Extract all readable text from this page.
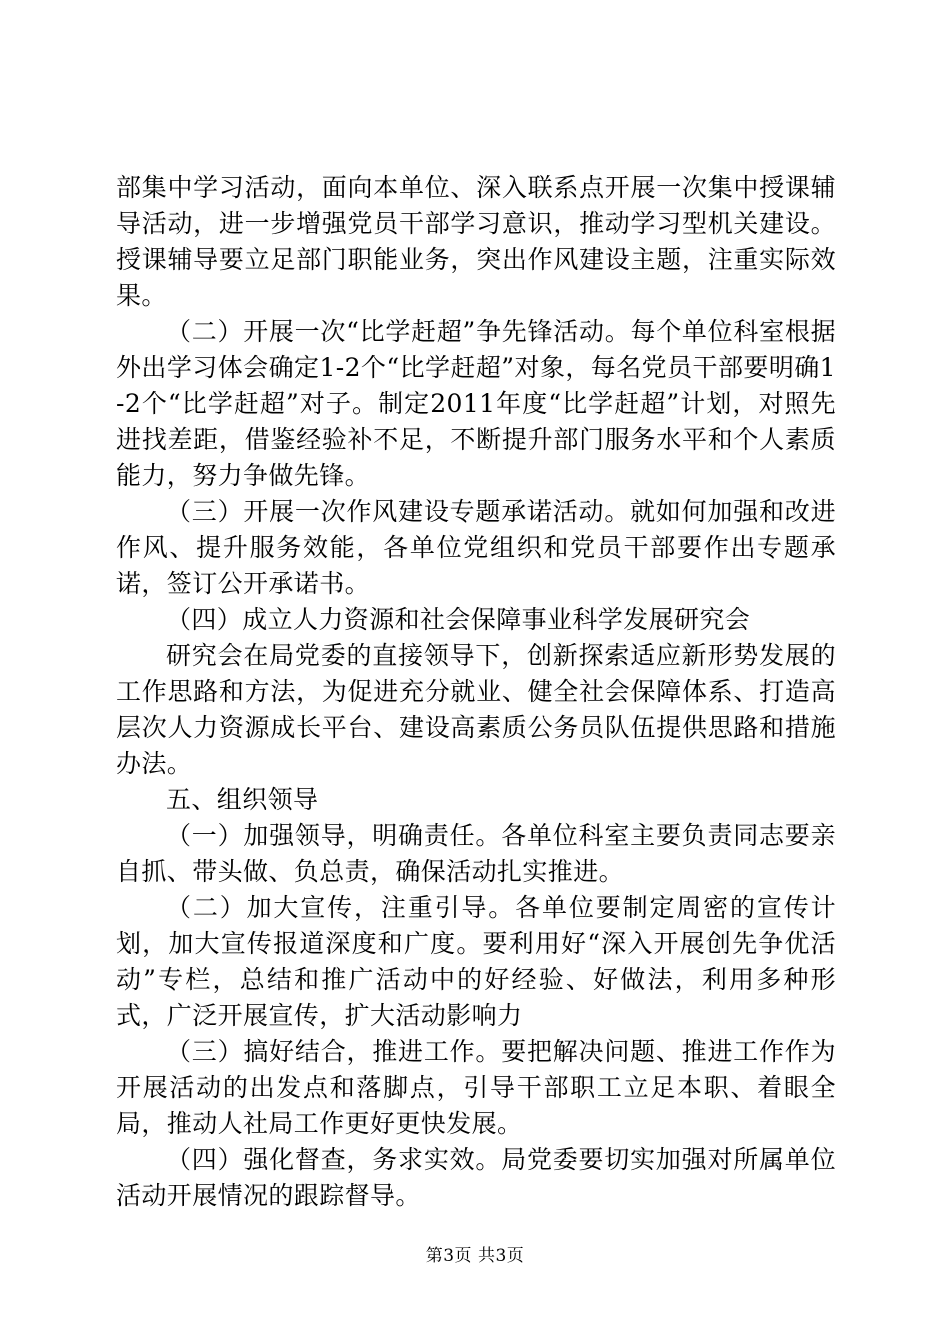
部集中学习活动，面向本单位、深入联系点开展一次集中授课辅导活动，进一步增强党员干部学习意识，推动学习型机关建设。授课辅导要立足部门职能业务，突出作风建设主题，注重实际效果。

（二）开展一次“比学赶超”争先锋活动。每个单位科室根据外出学习体会确定1-2个“比学赶超”对象，每名党员干部要明确1-2个“比学赶超”对子。制定2011年度“比学赶超”计划，对照先进找差距，借鉴经验补不足，不断提升部门服务水平和个人素质能力，努力争做先锋。

（三）开展一次作风建设专题承诺活动。就如何加强和改进作风、提升服务效能，各单位党组织和党员干部要作出专题承诺，签订公开承诺书。

（四）成立人力资源和社会保障事业科学发展研究会

研究会在局党委的直接领导下，创新探索适应新形势发展的工作思路和方法，为促进充分就业、健全社会保障体系、打造高层次人力资源成长平台、建设高素质公务员队伍提供思路和措施办法。

五、组织领导

（一）加强领导，明确责任。各单位科室主要负责同志要亲自抓、带头做、负总责，确保活动扎实推进。

（二）加大宣传，注重引导。各单位要制定周密的宣传计划，加大宣传报道深度和广度。要利用好“深入开展创先争优活动”专栏，总结和推广活动中的好经验、好做法，利用多种形式，广泛开展宣传，扩大活动影响力

（三）搞好结合，推进工作。要把解决问题、推进工作作为开展活动的出发点和落脚点，引导干部职工立足本职、着眼全局，推动人社局工作更好更快发展。

（四）强化督查，务求实效。局党委要切实加强对所属单位活动开展情况的跟踪督导。

第3页 共3页
